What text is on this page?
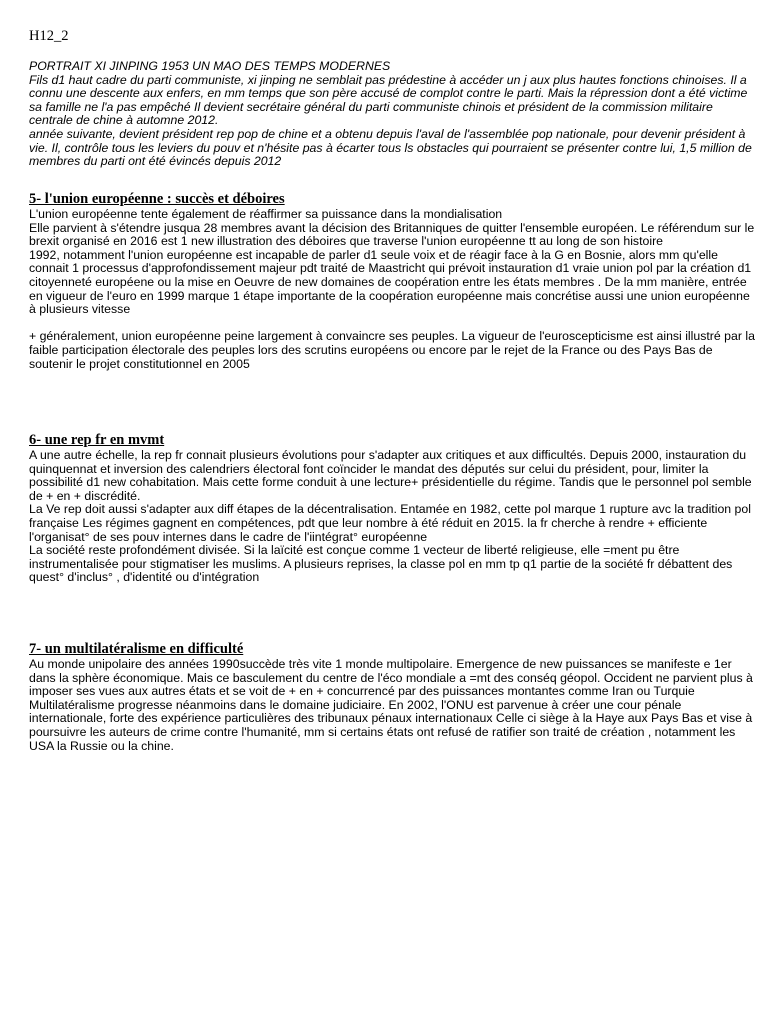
H12_2

PORTRAIT XI JINPING 1953 UN MAO DES TEMPS MODERNES

Fils d1 haut cadre du parti communiste, xi jinping ne semblait pas prédestine à accéder un j aux plus hautes fonctions chinoises. Il a connu une descente aux enfers, en mm temps que son père accusé de complot contre le parti. Mais la répression dont a été victime sa famille ne l'a pas empêché Il devient secrétaire général du parti communiste chinois et président de la commission militaire centrale de chine à automne 2012.

année suivante, devient président rep pop de chine et a obtenu depuis l'aval de l'assemblée pop nationale, pour devenir président à vie. Il, contrôle tous les leviers du pouv et n'hésite pas à écarter tous ls obstacles qui pourraient se présenter contre lui, 1,5 million de membres du parti ont été évincés depuis 2012

5- l'union européenne : succès et déboires

L'union européenne tente également de réaffirmer sa puissance dans la mondialisation

Elle parvient à s'étendre jusqua 28 membres avant la décision des Britanniques de quitter l'ensemble européen. Le référendum sur le brexit organisé en 2016 est 1 new illustration des déboires que traverse l'union européenne tt au long de son histoire

1992, notamment l'union européenne est incapable de parler d1 seule voix et de réagir face à la G en Bosnie, alors mm qu'elle connait 1 processus d'approfondissement majeur pdt traité de Maastricht qui prévoit instauration d1 vraie union pol par la création d1 citoyenneté européene ou la mise en Oeuvre de new domaines de coopération entre les états membres . De la mm manière, entrée en vigueur de l'euro en 1999 marque 1 étape importante de la coopération européenne mais concrétise aussi une union européenne à plusieurs vitesse

+ généralement, union européenne peine largement à convaincre ses peuples. La vigueur de l'euroscepticisme est ainsi illustré par la faible participation électorale des peuples lors des scrutins européens ou encore par le rejet de la France ou des Pays Bas de soutenir le projet constitutionnel en 2005

6- une rep fr en mvmt

A une autre échelle, la rep fr connait plusieurs évolutions pour s'adapter aux critiques et aux difficultés. Depuis 2000, instauration du quinquennat et inversion des calendriers électoral font coïncider le mandat des députés sur celui du président, pour, limiter la possibilité d1 new cohabitation. Mais cette forme conduit à une lecture+ présidentielle du régime. Tandis que le personnel pol semble de + en + discrédité.

La Ve rep doit aussi s'adapter aux diff étapes de la décentralisation. Entamée en 1982, cette pol marque 1 rupture avc la tradition pol française Les régimes gagnent en compétences, pdt que leur nombre à été réduit en 2015. la fr cherche à rendre + efficiente l'organisat° de ses pouv internes dans le cadre de l'iintégrat° européenne

La société reste profondément divisée. Si la laïcité est conçue comme 1 vecteur de liberté religieuse, elle =ment pu être instrumentalisée pour stigmatiser les muslims. A plusieurs reprises, la classe pol en mm tp q1 partie de la société fr débattent des quest° d'inclus° , d'identité ou d'intégration

7- un multilatéralisme en difficulté

Au monde unipolaire des années 1990succède très vite 1 monde multipolaire. Emergence de new puissances se manifeste e 1er dans la sphère économique. Mais ce basculement du centre de l'éco mondiale a =mt des conséq géopol. Occident ne parvient plus à imposer ses vues aux autres états et se voit de + en + concurrencé par des puissances montantes comme Iran ou Turquie

Multilatéralisme progresse néanmoins dans le domaine judiciaire. En 2002, l'ONU est parvenue à créer une cour pénale internationale, forte des expérience particulières des tribunaux pénaux internationaux Celle ci siège à la Haye aux Pays Bas et vise à poursuivre les auteurs de crime contre l'humanité, mm si certains états ont refusé de ratifier son traité de création , notamment les USA la Russie ou la chine.
